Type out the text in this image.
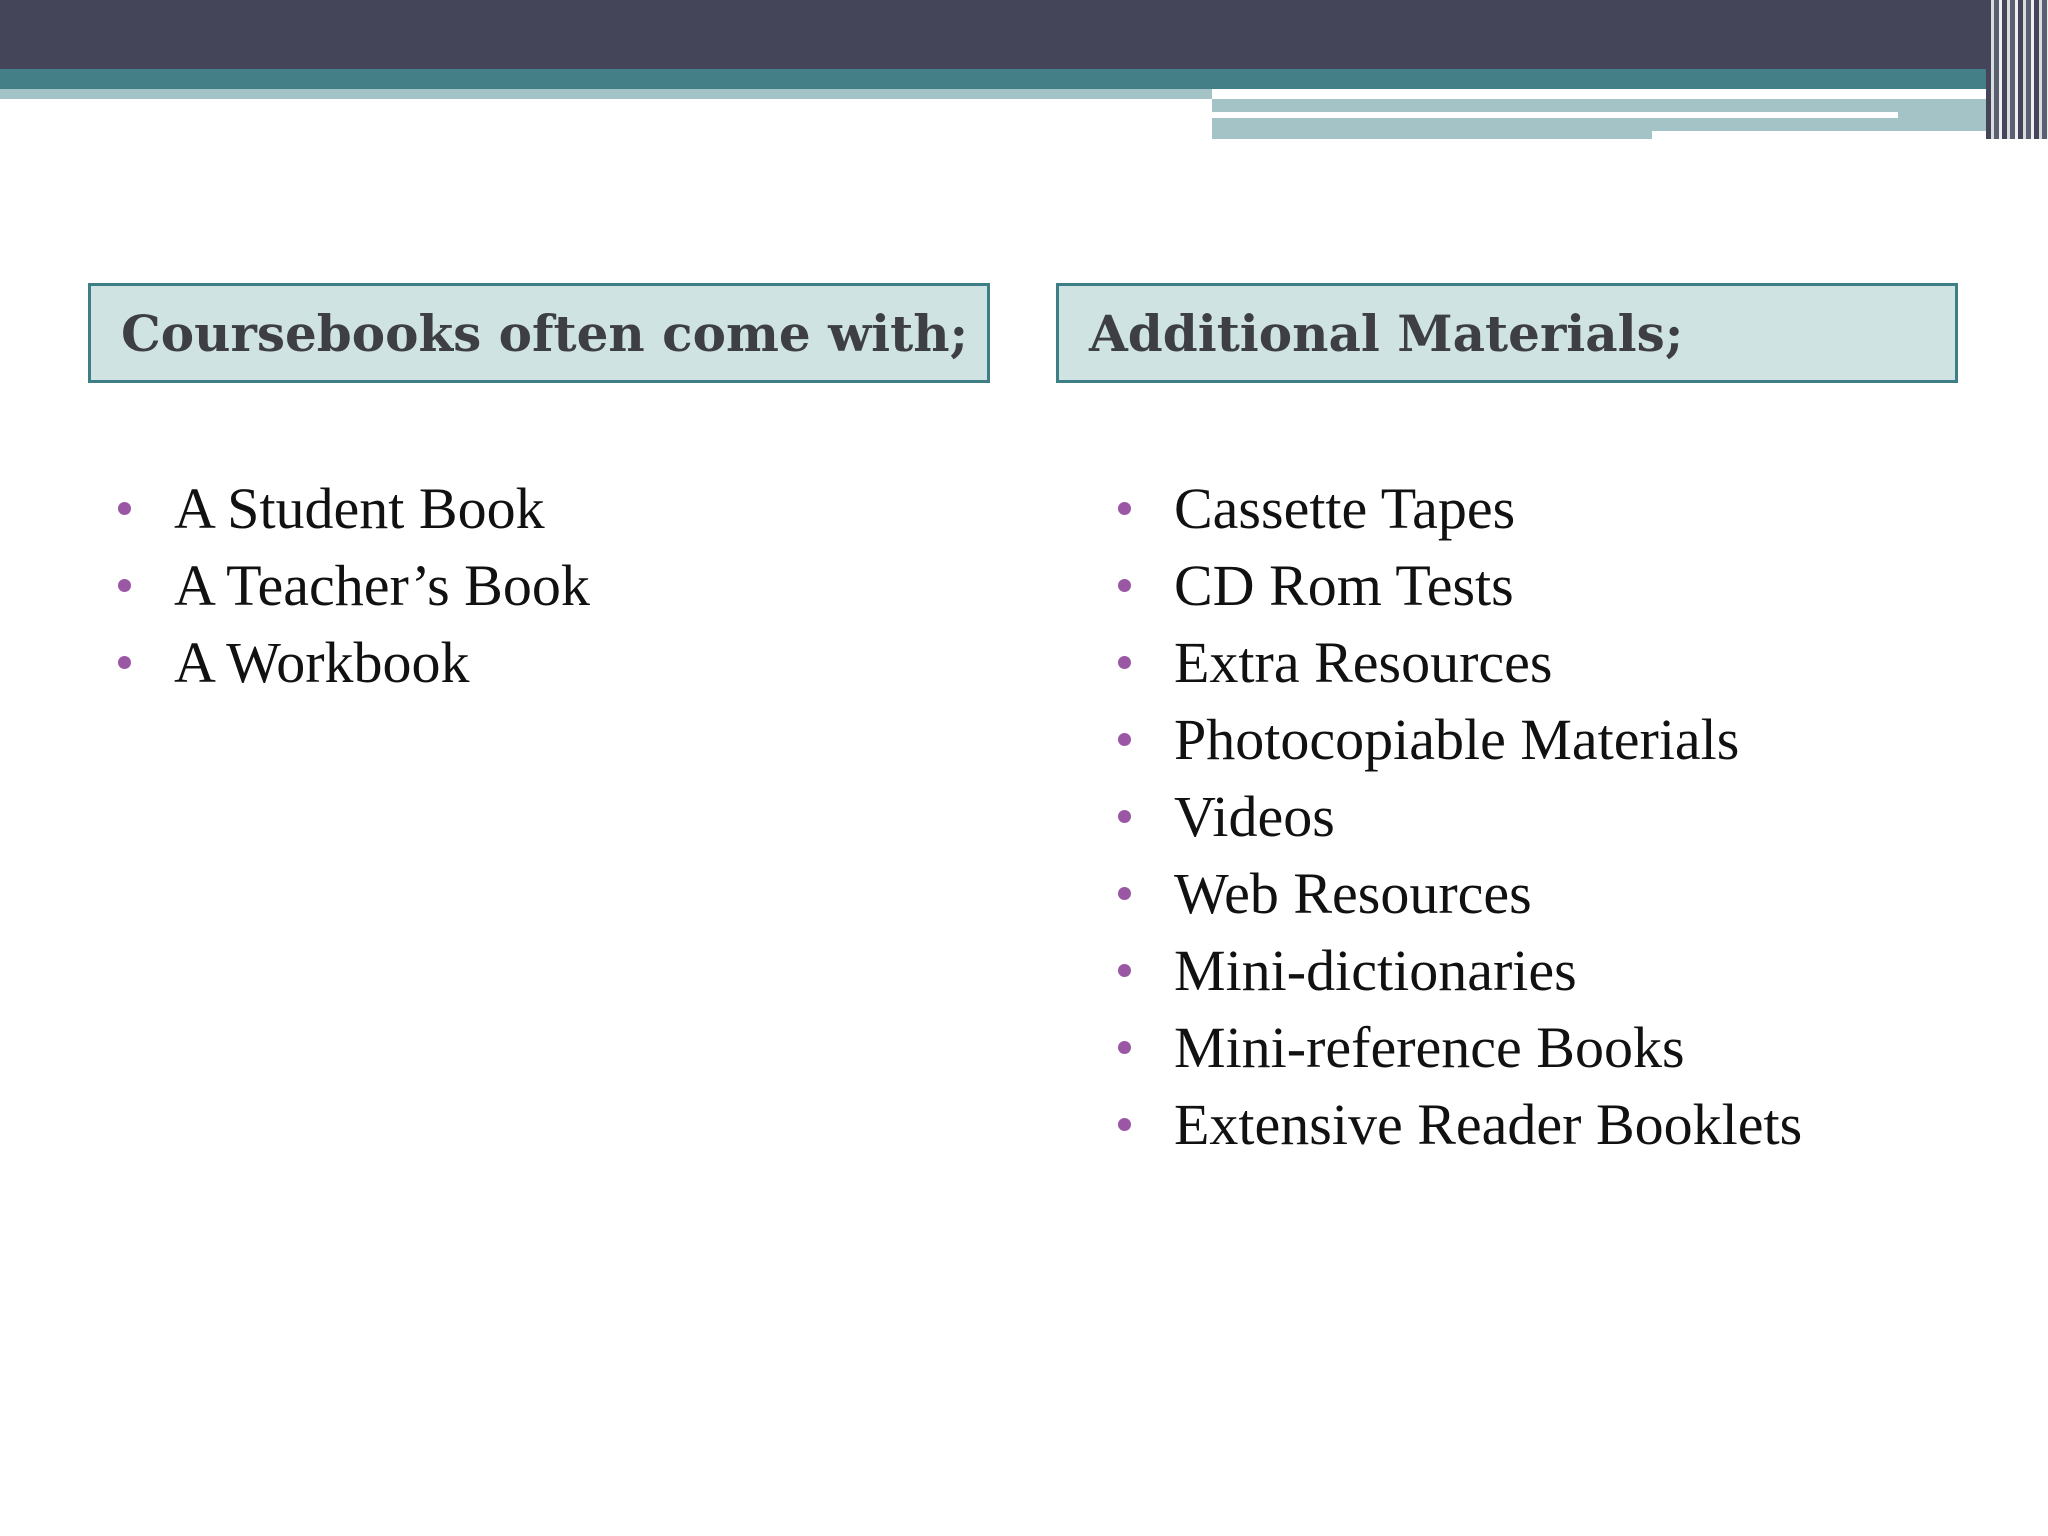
Coursebooks often come with; Additional Materials;
A Student Book
A Teacher’s Book
A Workbook
Cassette Tapes
CD Rom Tests
Extra Resources
Photocopiable Materials
Videos
Web Resources
Mini-dictionaries
Mini-reference Books
Extensive Reader Booklets
